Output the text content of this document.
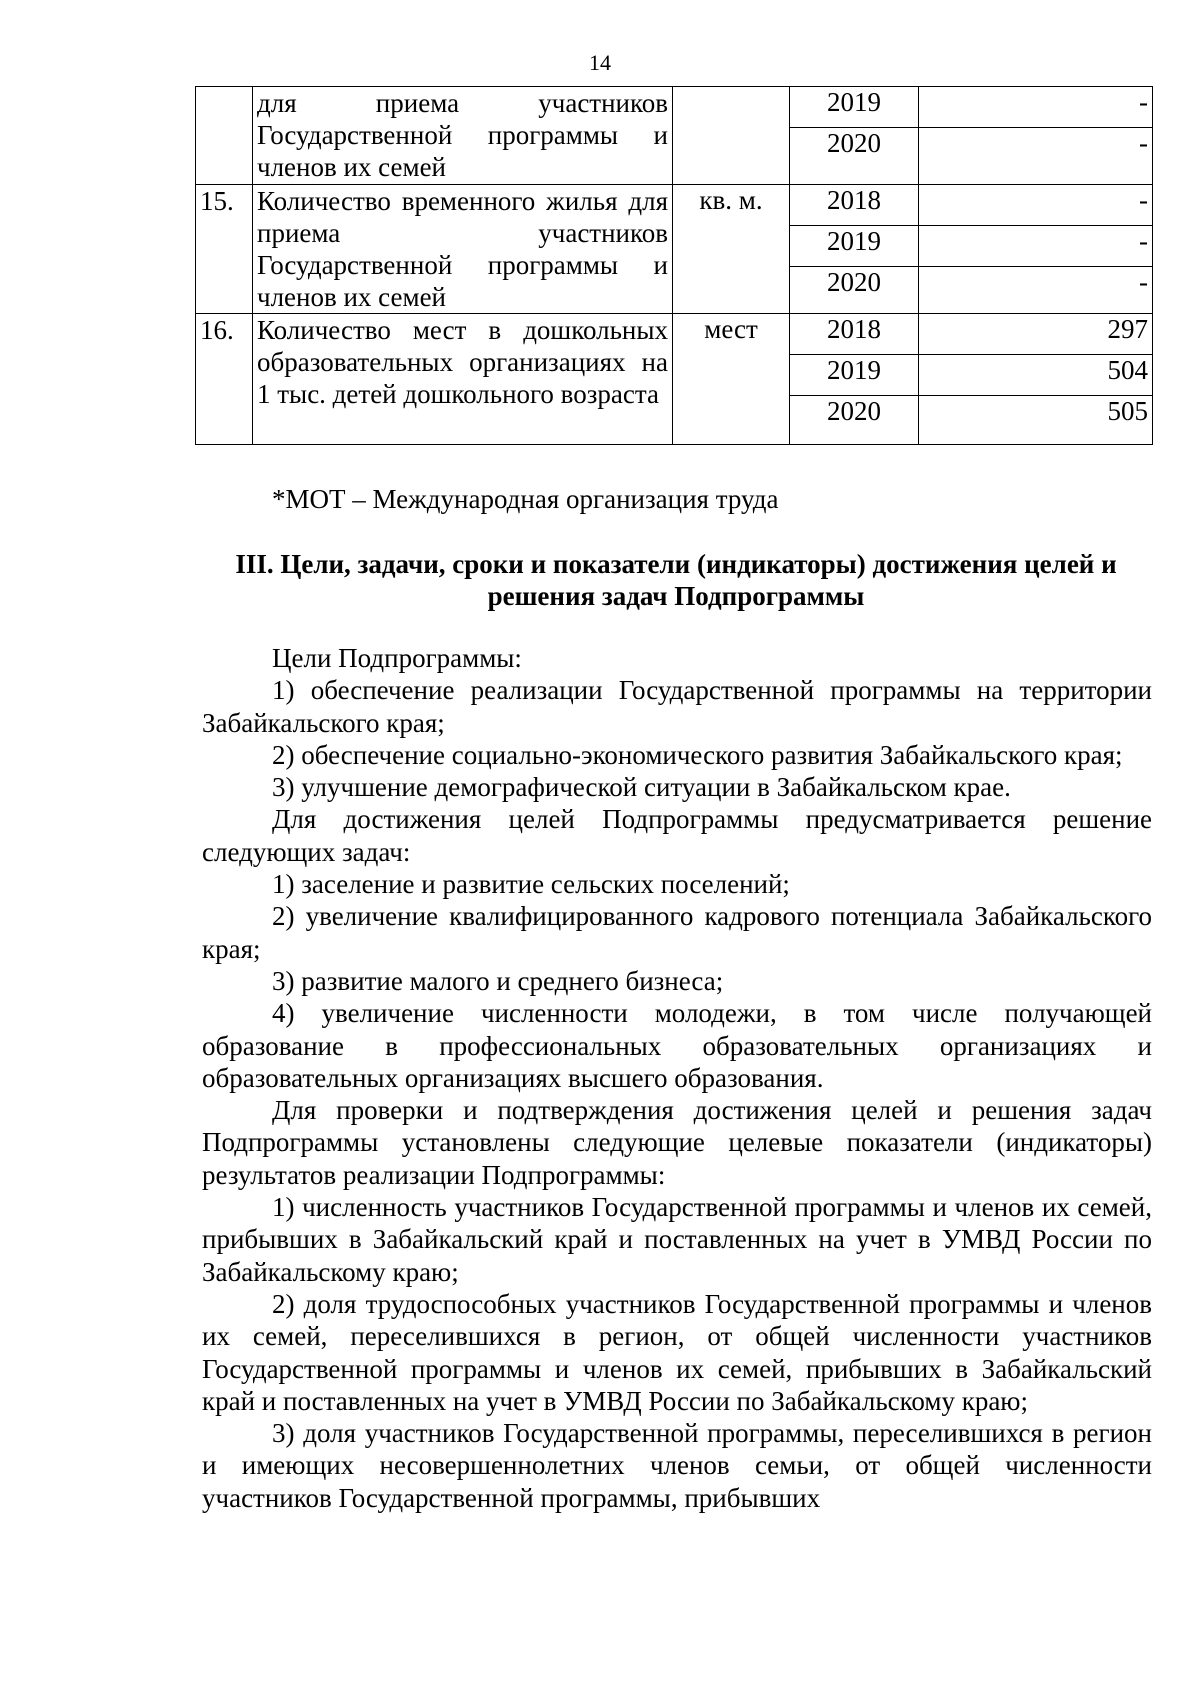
14
	для приема участников Государственной программы и членов их семей		2019	-
			2020	-
15.	Количество временного жилья для приема участников Государственной программы и членов их семей	кв. м.	2018	-
			2019	-
			2020	-
16.	Количество мест в дошкольных образовательных организациях на 1 тыс. детей дошкольного возраста	мест	2018	297
			2019	504
			2020	505
*МОТ – Международная организация труда
III. Цели, задачи, сроки и показатели (индикаторы) достижения целей и решения задач Подпрограммы

Цели Подпрограммы:

1) обеспечение реализации Государственной программы на территории Забайкальского края;

2) обеспечение социально-экономического развития Забайкальского края;

3) улучшение демографической ситуации в Забайкальском крае.

Для достижения целей Подпрограммы предусматривается решение следующих задач:

1) заселение и развитие сельских поселений;

2) увеличение квалифицированного кадрового потенциала Забайкальского края;

3) развитие малого и среднего бизнеса;

4) увеличение численности молодежи, в том числе получающей образование в профессиональных образовательных организациях и образовательных организациях высшего образования.

Для проверки и подтверждения достижения целей и решения задач Подпрограммы установлены следующие целевые показатели (индикаторы) результатов реализации Подпрограммы:

1) численность участников Государственной программы и членов их семей, прибывших в Забайкальский край и поставленных на учет в УМВД России по Забайкальскому краю;

2) доля трудоспособных участников Государственной программы и членов их семей, переселившихся в регион, от общей численности участников Государственной программы и членов их семей, прибывших в Забайкальский край и поставленных на учет в УМВД России по Забайкальскому краю;

3) доля участников Государственной программы, переселившихся в регион и имеющих несовершеннолетних членов семьи, от общей численности участников Государственной программы, прибывших
